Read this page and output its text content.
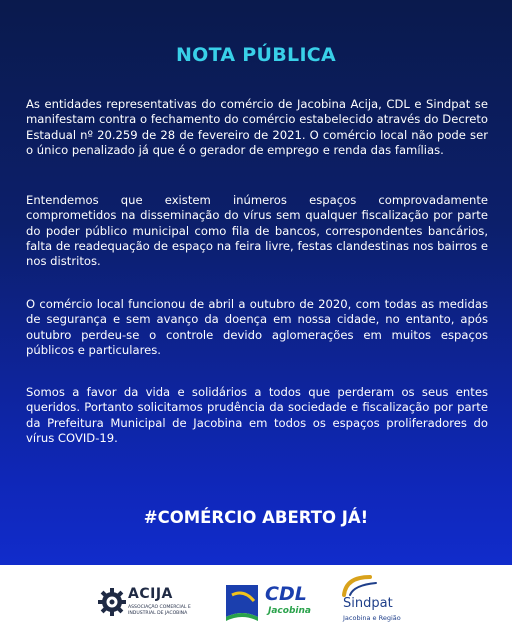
NOTA PÚBLICA

As entidades representativas do comércio de Jacobina Acija, CDL e Sindpat se manifestam contra o fechamento do comércio estabelecido através do Decreto Estadual nº 20.259 de 28 de fevereiro de 2021. O comércio local não pode ser o único penalizado já que é o gerador de emprego e renda das famílias.

Entendemos que existem inúmeros espaços comprovadamente comprometidos na disseminação do vírus sem qualquer fiscalização por parte do poder público municipal como fila de bancos, correspondentes bancários, falta de readequação de espaço na feira livre, festas clandestinas nos bairros e nos distritos.

O comércio local funcionou de abril a outubro de 2020, com todas as medidas de segurança e sem avanço da doença em nossa cidade, no entanto, após outubro perdeu-se o controle devido aglomerações em muitos espaços públicos e particulares.

Somos a favor da vida e solidários a todos que perderam os seus entes queridos. Portanto solicitamos prudência da sociedade e fiscalização por parte da Prefeitura Municipal de Jacobina em todos os espaços proliferadores do vírus COVID-19.

#COMÉRCIO ABERTO JÁ!
ACIJA
ASSOCIAÇÃO COMERCIAL E INDUSTRIAL DE JACOBINA
CDL
Jacobina Sindpat
Jacobina e Região
